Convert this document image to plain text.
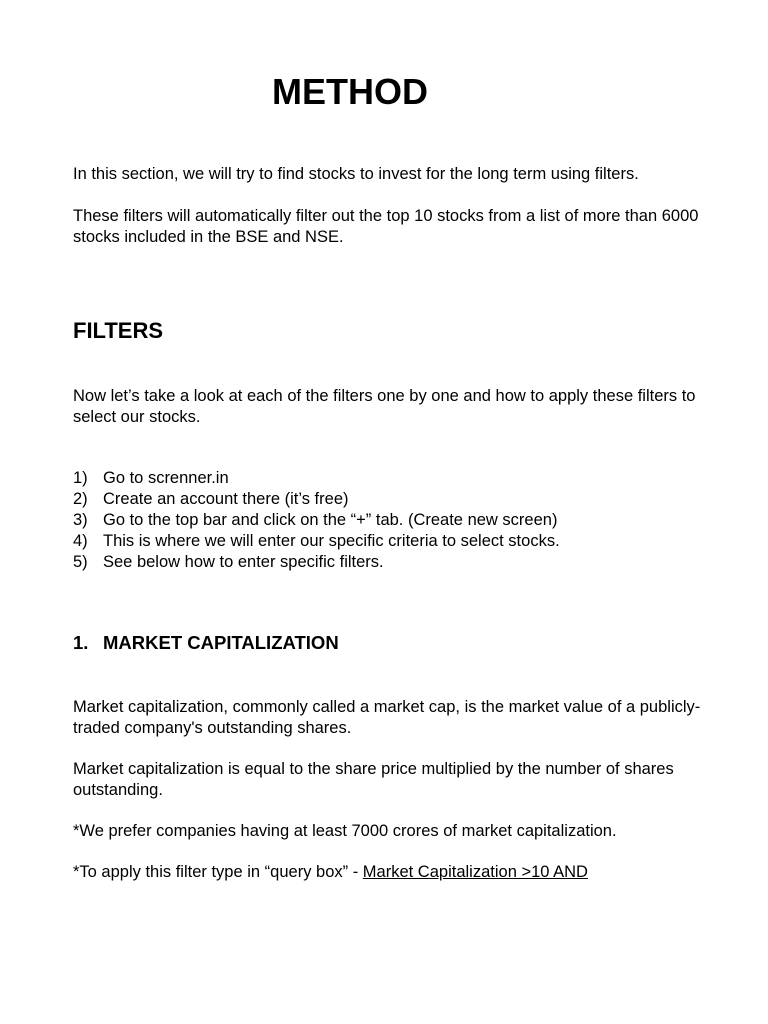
METHOD

In this section, we will try to find stocks to invest for the long term using filters.

These filters will automatically filter out the top 10 stocks from a list of more than 6000 stocks included in the BSE and NSE.

FILTERS

Now let’s take a look at each of the filters one by one and how to apply these filters to select our stocks.

1) Go to screnner.in
2) Create an account there (it’s free)
3) Go to the top bar and click on the “+” tab. (Create new screen)
4) This is where we will enter our specific criteria to select stocks.
5) See below how to enter specific filters.
1. MARKET CAPITALIZATION

Market capitalization, commonly called a market cap, is the market value of a publicly-traded company's outstanding shares.

Market capitalization is equal to the share price multiplied by the number of shares outstanding.

*We prefer companies having at least 7000 crores of market capitalization.

*To apply this filter type in “query box” - Market Capitalization >10 AND
